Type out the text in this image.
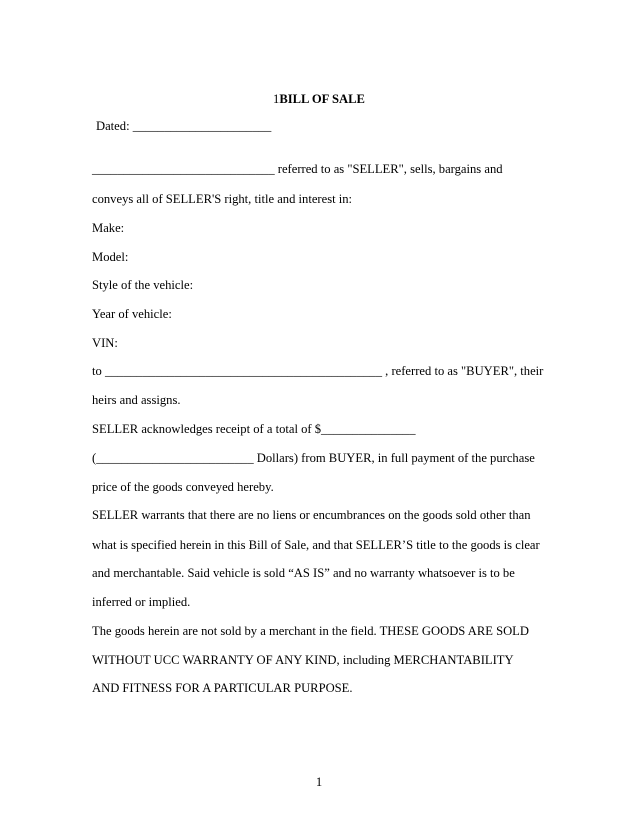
1BILL OF SALE
Dated: ______________________
_____________________________ referred to as "SELLER", sells, bargains and
conveys all of SELLER'S right, title and interest in:
Make:
Model:
Style of the vehicle:
Year of vehicle:
VIN:
to ____________________________________________ , referred to as "BUYER", their
heirs and assigns.
SELLER acknowledges receipt of a total of $_______________
(_________________________ Dollars) from BUYER, in full payment of the purchase
price of the goods conveyed hereby.
SELLER warrants that there are no liens or encumbrances on the goods sold other than
what is specified herein in this Bill of Sale, and that SELLER’S title to the goods is clear
and merchantable. Said vehicle is sold “AS IS” and no warranty whatsoever is to be
inferred or implied.
The goods herein are not sold by a merchant in the field. THESE GOODS ARE SOLD
WITHOUT UCC WARRANTY OF ANY KIND, including MERCHANTABILITY
AND FITNESS FOR A PARTICULAR PURPOSE.
1
